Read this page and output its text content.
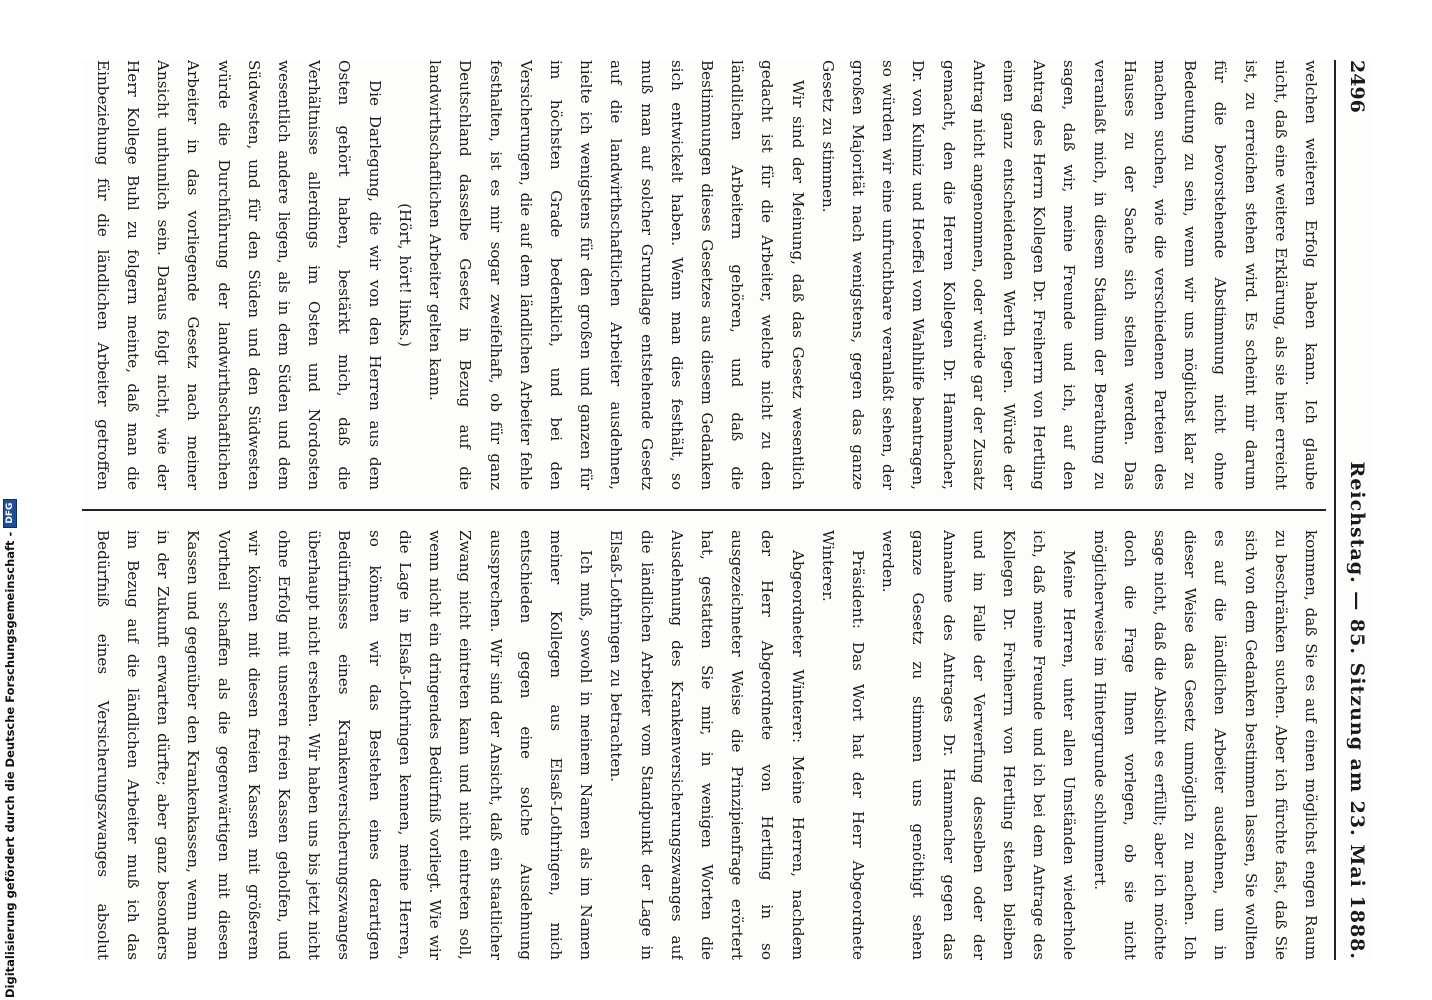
2496
Reichstag. — 85. Sitzung am 23. Mai 1888.

welchen weiteren Erfolg haben kann. Ich glaube nicht, daß eine weitere Erklärung, als sie hier erreicht ist, zu erreichen stehen wird. Es scheint mir darum für die bevorstehende Abstimmung nicht ohne Bedeutung zu sein, wenn wir uns möglichst klar zu machen suchen, wie die verschiedenen Parteien des Hauses zu der Sache sich stellen werden. Das veranlaßt mich, in diesem Stadium der Berathung zu sagen, daß wir, meine Freunde und ich, auf den Antrag des Herrn Kollegen Dr. Freiherrn von Hertling einen ganz entscheidenden Werth legen. Würde der Antrag nicht angenommen, oder würde gar der Zusatz gemacht, den die Herren Kollegen Dr. Hammacher, Dr. von Kulmiz und Hoeffel vom Wahlhilfe beantragen, so würden wir eine unfruchtbare veranlaßt sehen, der großen Majorität nach wenigstens, gegen das ganze Gesetz zu stimmen.

Wir sind der Meinung, daß das Gesetz wesentlich gedacht ist für die Arbeiter, welche nicht zu den ländlichen Arbeitern gehören, und daß die Bestimmungen dieses Gesetzes aus diesem Gedanken sich entwickelt haben. Wenn man dies festhält, so muß man auf solcher Grundlage entstehende Gesetz auf die landwirthschaftlichen Arbeiter ausdehnen, hielte ich wenigstens für den großen und ganzen für im höchsten Grade bedenklich, und bei den Versicherungen, die auf dem ländlichen Arbeiter fehle festhalten, ist es mir sogar zweifelhaft, ob für ganz Deutschland dasselbe Gesetz in Bezug auf die landwirthschaftlichen Arbeiter gelten kann.

(Hört, hört! links.)

Die Darlegung, die wir von den Herren aus dem Osten gehört haben, bestärkt mich, daß die Verhältnisse allerdings im Osten und Nordosten wesentlich andere liegen, als in dem Süden und dem Südwesten, und für den Süden und den Südwesten würde die Durchführung der landwirthschaftlichen Arbeiter in das vorliegende Gesetz nach meiner Ansicht unthunlich sein. Daraus folgt nicht, wie der Herr Kollege Buhl zu folgern meinte, daß man die Einbeziehung für die ländlichen Arbeiter getroffen

kommen, daß Sie es auf einen möglichst engen Raum zu beschränken suchen. Aber ich fürchte fast, daß Sie sich von dem Gedanken bestimmen lassen, Sie wollten es auf die ländlichen Arbeiter ausdehnen, um in dieser Weise das Gesetz unmöglich zu machen. Ich sage nicht, daß die Absicht es erfüllt; aber ich möchte doch die Frage Ihnen vorlegen, ob sie nicht möglicherweise im Hintergrunde schlummert.

Meine Herren, unter allen Umständen wiederhole ich, daß meine Freunde und ich bei dem Antrage des Kollegen Dr. Freiherrn von Hertling stehen bleiben und im Falle der Verwerfung desselben oder der Annahme des Antrages Dr. Hammacher gegen das ganze Gesetz zu stimmen uns genöthigt sehen werden.

Präsident: Das Wort hat der Herr Abgeordnete Winterer.

Abgeordneter Winterer: Meine Herren, nachdem der Herr Abgeordnete von Hertling in so ausgezeichneter Weise die Prinzipienfrage erörtert hat, gestatten Sie mir, in wenigen Worten die Ausdehnung des Krankenversicherungszwanges auf die ländlichen Arbeiter vom Standpunkt der Lage in Elsaß-Lothringen zu betrachten.

Ich muß, sowohl in meinem Namen als im Namen meiner Kollegen aus Elsaß-Lothringen, mich entschieden gegen eine solche Ausdehnung aussprechen. Wir sind der Ansicht, daß ein staatlicher Zwang nicht eintreten kann und nicht eintreten soll, wenn nicht ein dringendes Bedürfniß vorliegt. Wie wir die Lage in Elsaß-Lothringen kennen, meine Herren, so können wir das Bestehen eines derartigen Bedürfnisses eines Krankenversicherungszwanges überhaupt nicht ersehen. Wir haben uns bis jetzt nicht ohne Erfolg mit unseren freien Kassen geholfen, und wir können mit diesen freien Kassen mit größerem Vortheil schaffen als die gegenwärtigen mit diesen Kassen und gegenüber den Krankenkassen, wenn man in der Zukunft erwarten dürfte; aber ganz besonders im Bezug auf die ländlichen Arbeiter muß ich das Bedürfniß eines Versicherungszwanges absolut

Digitalisierung gefördert durch die Deutsche Forschungsgemeinschaft -
DFG
